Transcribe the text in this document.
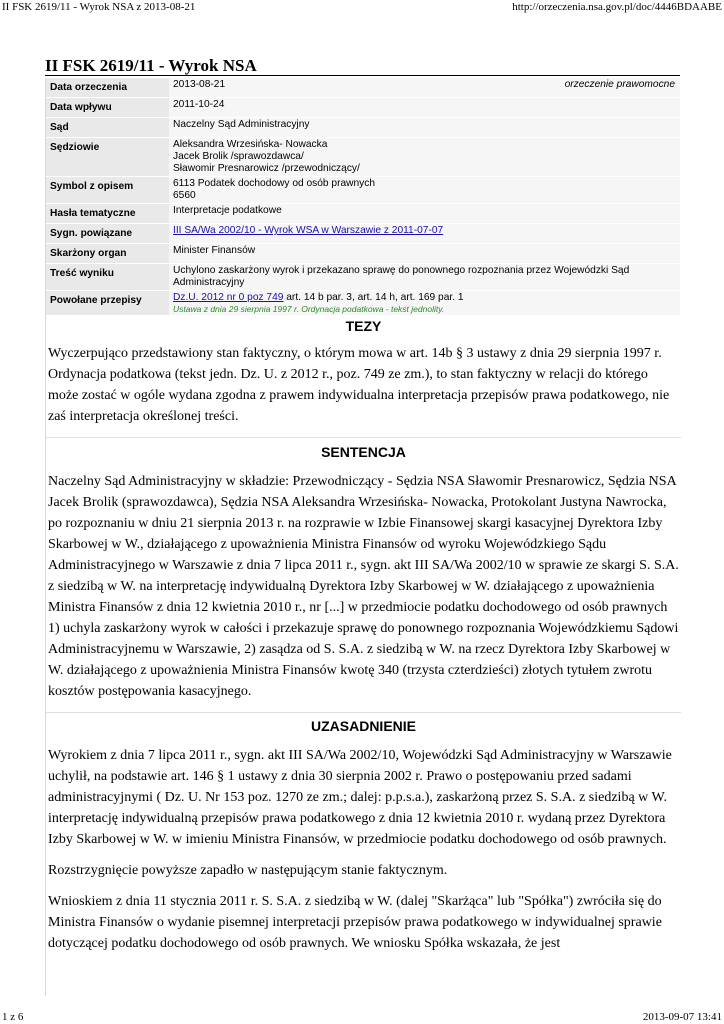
II FSK 2619/11 - Wyrok NSA z 2013-08-21	http://orzeczenia.nsa.gov.pl/doc/4446BDAABE
II FSK 2619/11 - Wyrok NSA
Data orzeczenia	2013-08-21 orzeczenie prawomocne

Data wpływu	2011-10-24
Sąd	Naczelny Sąd Administracyjny
Sędziowie	Aleksandra Wrzesińska- Nowacka
Jacek Brolik /sprawozdawca/
Sławomir Presnarowicz /przewodniczący/

Symbol z opisem	6113 Podatek dochodowy od osób prawnych
6560

Hasła tematyczne	Interpretacje podatkowe
Sygn. powiązane	III SA/Wa 2002/10 - Wyrok WSA w Warszawie z 2011-07-07
Skarżony organ	Minister Finansów
Treść wyniku	Uchylono zaskarżony wyrok i przekazano sprawę do ponownego rozpoznania przez Wojewódzki Sąd Administracyjny
Powołane przepisy	Dz.U. 2012 nr 0 poz 749 art. 14 b par. 3, art. 14 h, art. 169 par. 1
Ustawa z dnia 29 sierpnia 1997 r. Ordynacja podatkowa - tekst jednolity.
TEZY

Wyczerpująco przedstawiony stan faktyczny, o którym mowa w art. 14b § 3 ustawy z dnia 29 sierpnia 1997 r. Ordynacja podatkowa (tekst jedn. Dz. U. z 2012 r., poz. 749 ze zm.), to stan faktyczny w relacji do którego może zostać w ogóle wydana zgodna z prawem indywidualna interpretacja przepisów prawa podatkowego, nie zaś interpretacja określonej treści.

SENTENCJA

Naczelny Sąd Administracyjny w składzie: Przewodniczący - Sędzia NSA Sławomir Presnarowicz, Sędzia NSA Jacek Brolik (sprawozdawca), Sędzia NSA Aleksandra Wrzesińska- Nowacka, Protokolant Justyna Nawrocka, po rozpoznaniu w dniu 21 sierpnia 2013 r. na rozprawie w Izbie Finansowej skargi kasacyjnej Dyrektora Izby Skarbowej w W., działającego z upoważnienia Ministra Finansów od wyroku Wojewódzkiego Sądu Administracyjnego w Warszawie z dnia 7 lipca 2011 r., sygn. akt III SA/Wa 2002/10 w sprawie ze skargi S. S.A. z siedzibą w W. na interpretację indywidualną Dyrektora Izby Skarbowej w W. działającego z upoważnienia Ministra Finansów z dnia 12 kwietnia 2010 r., nr [...] w przedmiocie podatku dochodowego od osób prawnych 1) uchyla zaskarżony wyrok w całości i przekazuje sprawę do ponownego rozpoznania Wojewódzkiemu Sądowi Administracyjnemu w Warszawie, 2) zasądza od S. S.A. z siedzibą w W. na rzecz Dyrektora Izby Skarbowej w W. działającego z upoważnienia Ministra Finansów kwotę 340 (trzysta czterdzieści) złotych tytułem zwrotu kosztów postępowania kasacyjnego.

UZASADNIENIE

Wyrokiem z dnia 7 lipca 2011 r., sygn. akt III SA/Wa 2002/10, Wojewódzki Sąd Administracyjny w Warszawie uchylił, na podstawie art. 146 § 1 ustawy z dnia 30 sierpnia 2002 r. Prawo o postępowaniu przed sadami administracyjnymi ( Dz. U. Nr 153 poz. 1270 ze zm.; dalej: p.p.s.a.), zaskarżoną przez S. S.A. z siedzibą w W. interpretację indywidualną przepisów prawa podatkowego z dnia 12 kwietnia 2010 r. wydaną przez Dyrektora Izby Skarbowej w W. w imieniu Ministra Finansów, w przedmiocie podatku dochodowego od osób prawnych.

Rozstrzygnięcie powyższe zapadło w następującym stanie faktycznym.

Wnioskiem z dnia 11 stycznia 2011 r. S. S.A. z siedzibą w W. (dalej "Skarżąca" lub "Spółka") zwróciła się do Ministra Finansów o wydanie pisemnej interpretacji przepisów prawa podatkowego w indywidualnej sprawie dotyczącej podatku dochodowego od osób prawnych. We wniosku Spółka wskazała, że jest

1 z 6	2013-09-07 13:41
